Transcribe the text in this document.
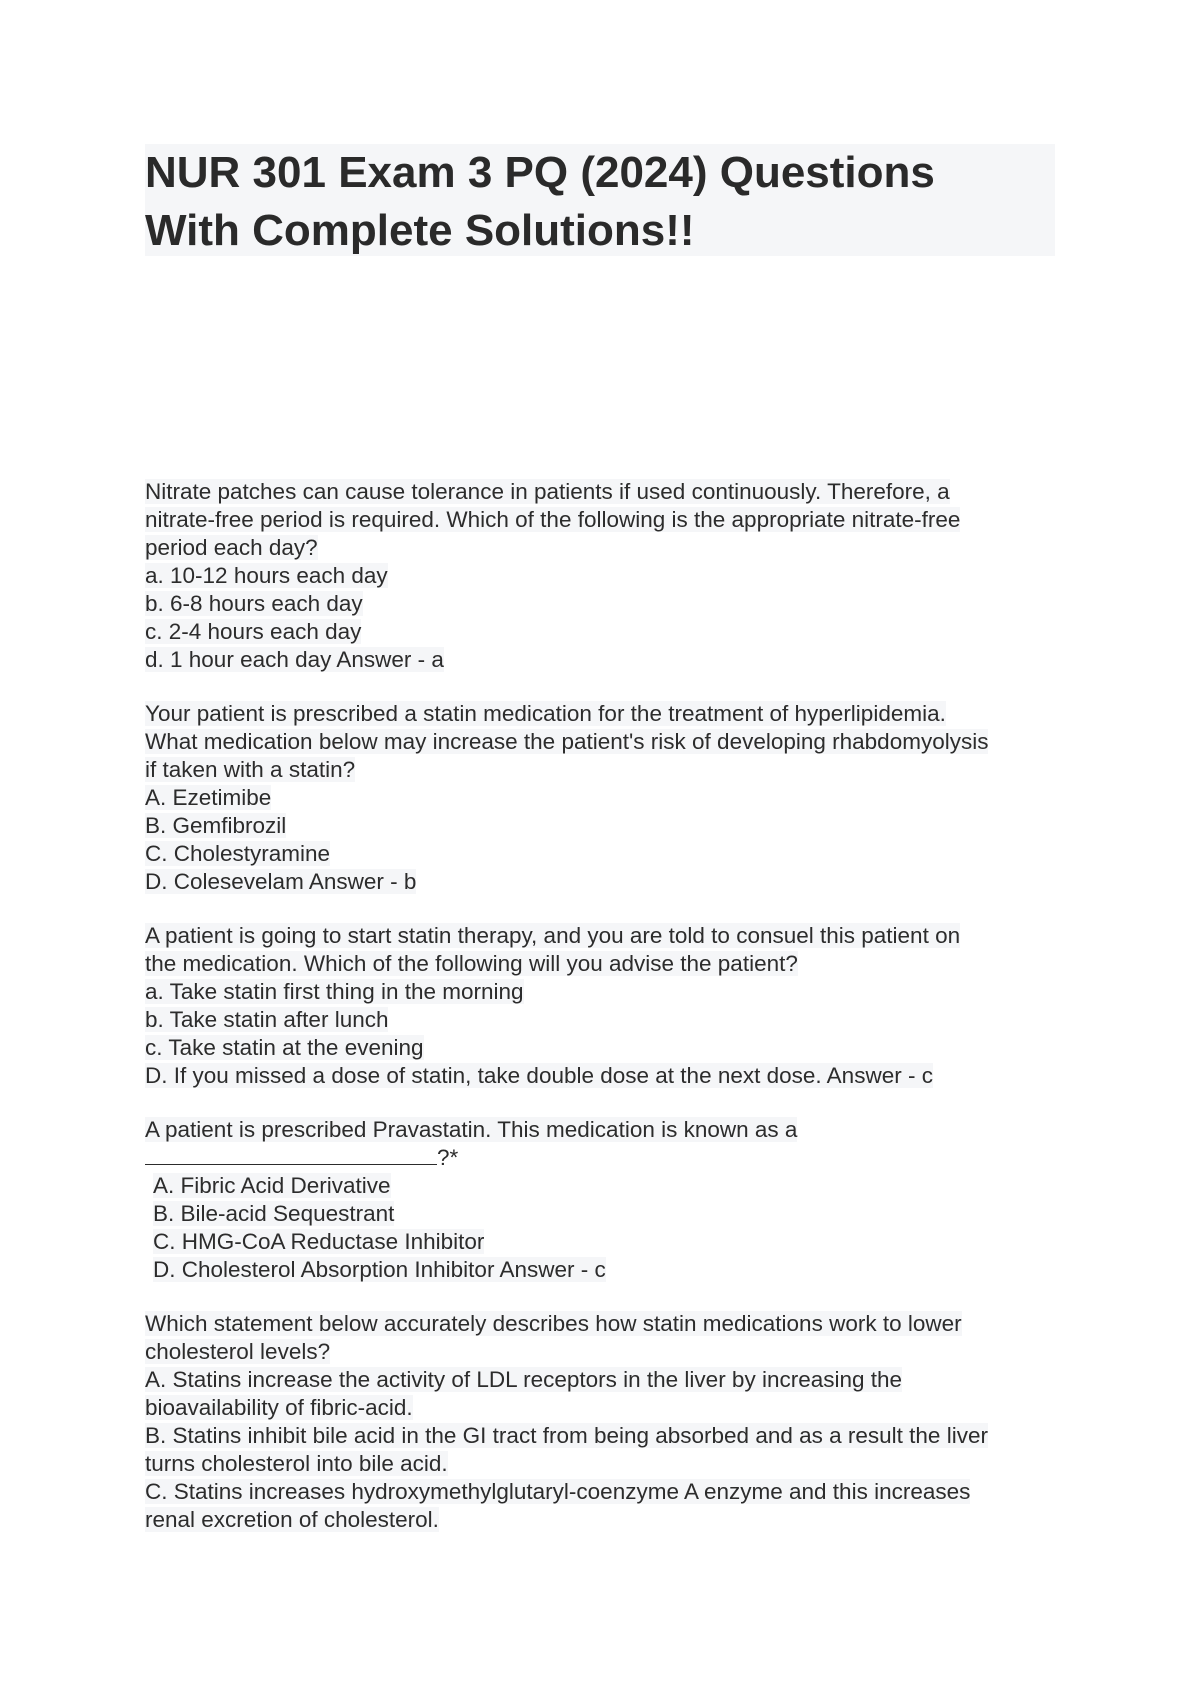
NUR 301 Exam 3 PQ (2024) Questions
With Complete Solutions!!
Nitrate patches can cause tolerance in patients if used continuously. Therefore, a
nitrate-free period is required. Which of the following is the appropriate nitrate-free
period each day?
a. 10-12 hours each day
b. 6-8 hours each day
c. 2-4 hours each day
d. 1 hour each day Answer - a
Your patient is prescribed a statin medication for the treatment of hyperlipidemia.
What medication below may increase the patient's risk of developing rhabdomyolysis
if taken with a statin?
A. Ezetimibe
B. Gemfibrozil
C. Cholestyramine
D. Colesevelam Answer - b
A patient is going to start statin therapy, and you are told to consuel this patient on
the medication. Which of the following will you advise the patient?
a. Take statin first thing in the morning
b. Take statin after lunch
c. Take statin at the evening
D. If you missed a dose of statin, take double dose at the next dose. Answer - c
A patient is prescribed Pravastatin. This medication is known as a
?*
A. Fibric Acid Derivative
B. Bile-acid Sequestrant
C. HMG-CoA Reductase Inhibitor
D. Cholesterol Absorption Inhibitor Answer - c
Which statement below accurately describes how statin medications work to lower
cholesterol levels?
A. Statins increase the activity of LDL receptors in the liver by increasing the
bioavailability of fibric-acid.
B. Statins inhibit bile acid in the GI tract from being absorbed and as a result the liver
turns cholesterol into bile acid.
C. Statins increases hydroxymethylglutaryl-coenzyme A enzyme and this increases
renal excretion of cholesterol.
